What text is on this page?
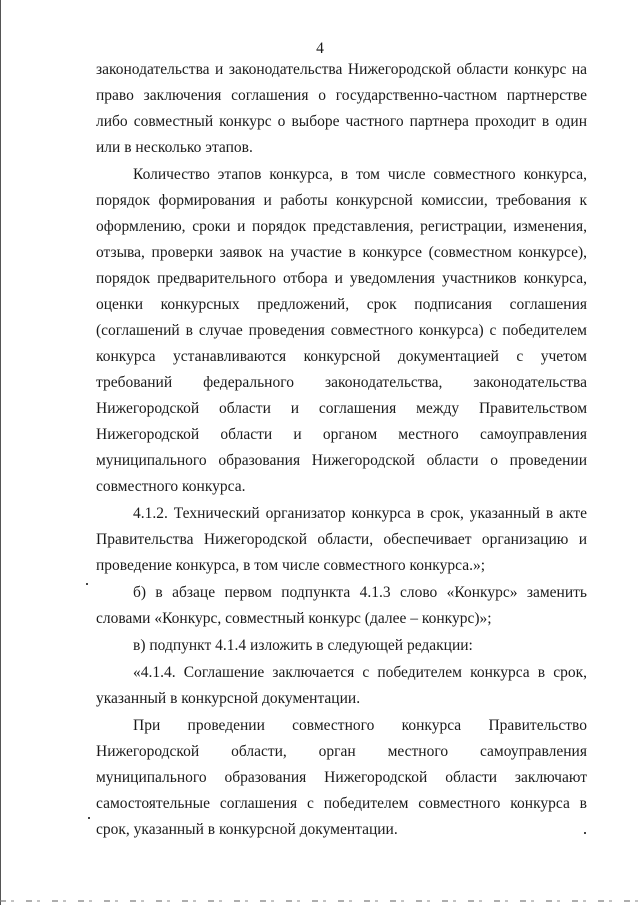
4

законодательства и законодательства Нижегородской области конкурс на право заключения соглашения о государственно-частном партнерстве либо совместный конкурс о выборе частного партнера проходит в один или в несколько этапов.

Количество этапов конкурса, в том числе совместного конкурса, порядок формирования и работы конкурсной комиссии, требования к оформлению, сроки и порядок представления, регистрации, изменения, отзыва, проверки заявок на участие в конкурсе (совместном конкурсе), порядок предварительного отбора и уведомления участников конкурса, оценки конкурсных предложений, срок подписания соглашения (соглашений в случае проведения совместного конкурса) с победителем конкурса устанавливаются конкурсной документацией с учетом требований федерального законодательства, законодательства Нижегородской области и соглашения между Правительством Нижегородской области и органом местного самоуправления муниципального образования Нижегородской области о проведении совместного конкурса.

4.1.2. Технический организатор конкурса в срок, указанный в акте Правительства Нижегородской области, обеспечивает организацию и проведение конкурса, в том числе совместного конкурса.»;

б) в абзаце первом подпункта 4.1.3 слово «Конкурс» заменить словами «Конкурс, совместный конкурс (далее – конкурс)»;

в) подпункт 4.1.4 изложить в следующей редакции:

«4.1.4. Соглашение заключается с победителем конкурса в срок, указанный в конкурсной документации.

При проведении совместного конкурса Правительство Нижегородской области, орган местного самоуправления муниципального образования Нижегородской области заключают самостоятельные соглашения с победителем совместного конкурса в срок, указанный в конкурсной документации.
